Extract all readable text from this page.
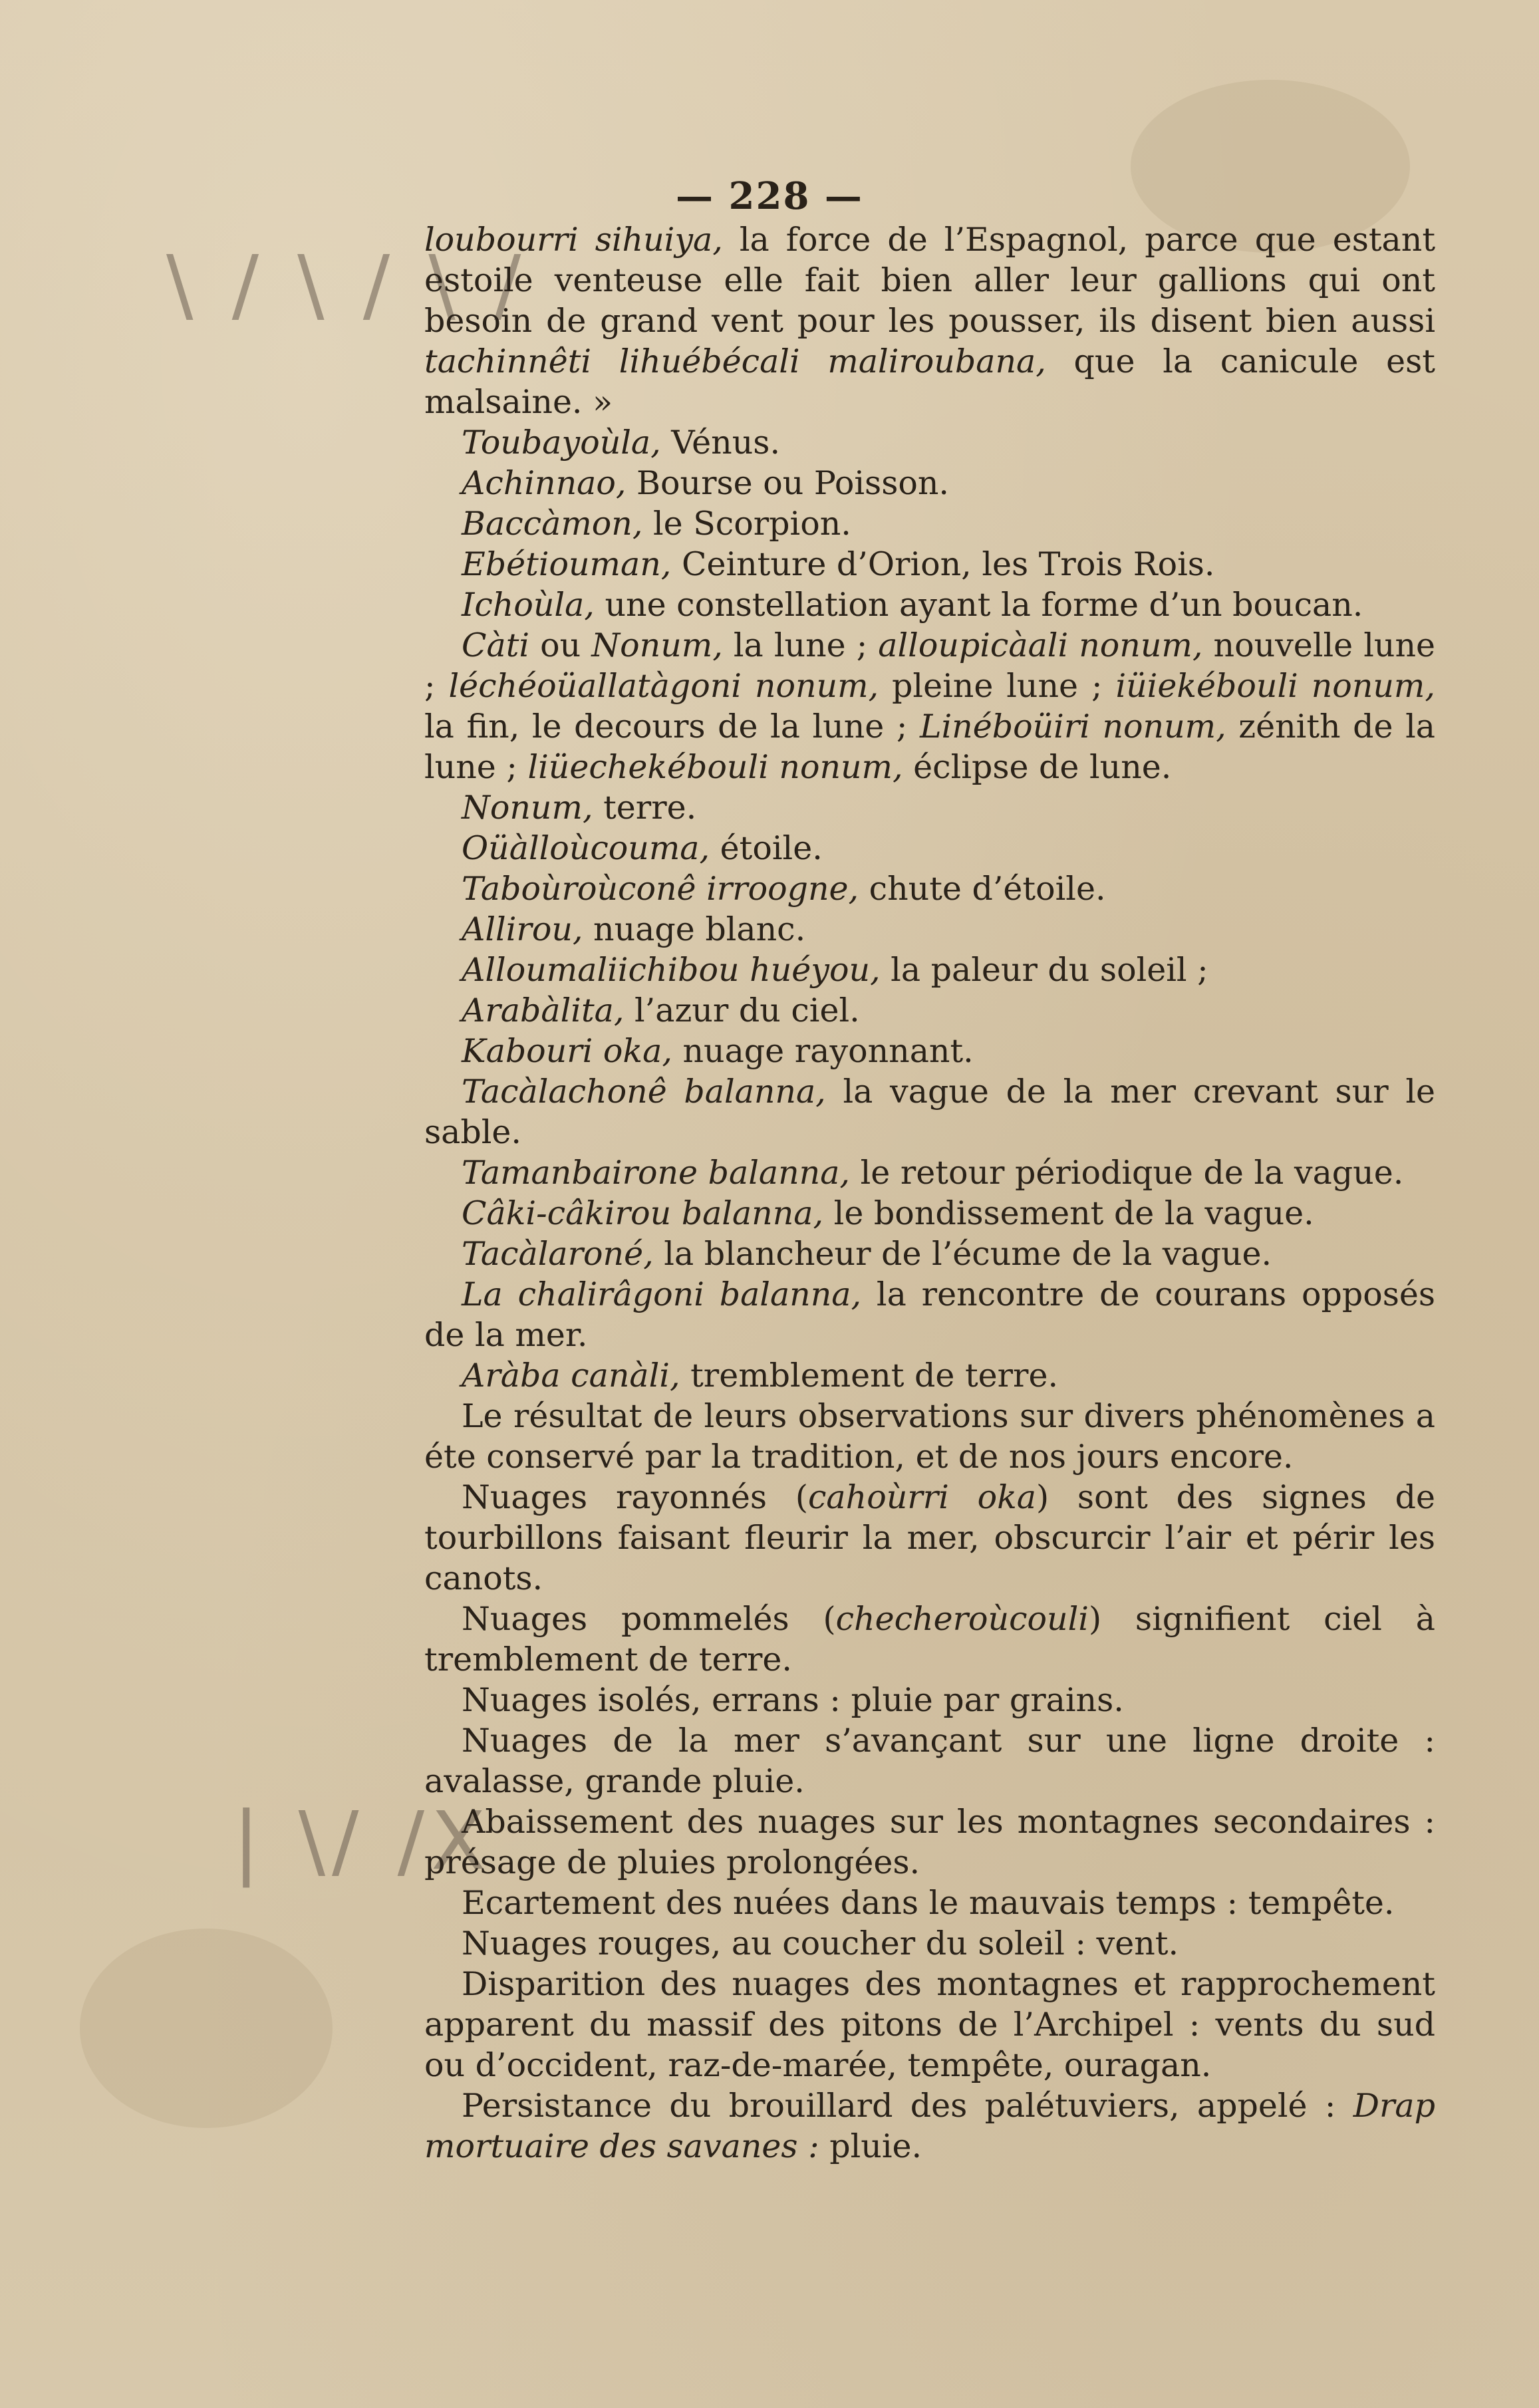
\ / \ / \ /
| \/ /X
— 228 —

loubourri sihuiya, la force de l’Espagnol, parce que estant estoile venteuse elle fait bien aller leur gallions qui ont besoin de grand vent pour les pousser, ils disent bien aussi tachinnêti lihuébécali maliroubana, que la canicule est malsaine. »

Toubayoùla, Vénus.

Achinnao, Bourse ou Poisson.

Baccàmon, le Scorpion.

Ebétiouman, Ceinture d’Orion, les Trois Rois.

Ichoùla, une constellation ayant la forme d’un boucan.

Càti ou Nonum, la lune ; alloupicàali nonum, nouvelle lune ; léchéoüallatàgoni nonum, pleine lune ; iüiekébouli nonum, la fin, le decours de la lune ; Linéboüiri nonum, zénith de la lune ; liüechekébouli nonum, éclipse de lune.

Nonum, terre.

Oüàlloùcouma, étoile.

Taboùroùconê irroogne, chute d’étoile.

Allirou, nuage blanc.

Alloumaliichibou huéyou, la paleur du soleil ;

Arabàlita, l’azur du ciel.

Kabouri oka, nuage rayonnant.

Tacàlachonê balanna, la vague de la mer crevant sur le sable.

Tamanbairone balanna, le retour périodique de la vague.

Câki-câkirou balanna, le bondissement de la vague.

Tacàlaroné, la blancheur de l’écume de la vague.

La chalirâgoni balanna, la rencontre de courans opposés de la mer.

Aràba canàli, tremblement de terre.

Le résultat de leurs observations sur divers phénomènes a éte conservé par la tradition, et de nos jours encore.

Nuages rayonnés (cahoùrri oka) sont des signes de tourbillons faisant fleurir la mer, obscurcir l’air et périr les canots.

Nuages pommelés (checheroùcouli) signifient ciel à tremblement de terre.

Nuages isolés, errans : pluie par grains.

Nuages de la mer s’avançant sur une ligne droite : avalasse, grande pluie.

Abaissement des nuages sur les montagnes secondaires : présage de pluies prolongées.

Ecartement des nuées dans le mauvais temps : tempête.

Nuages rouges, au coucher du soleil : vent.

Disparition des nuages des montagnes et rapprochement apparent du massif des pitons de l’Archipel : vents du sud ou d’occident, raz-de-marée, tempête, ouragan.

Persistance du brouillard des palétuviers, appelé : Drap mortuaire des savanes : pluie.
